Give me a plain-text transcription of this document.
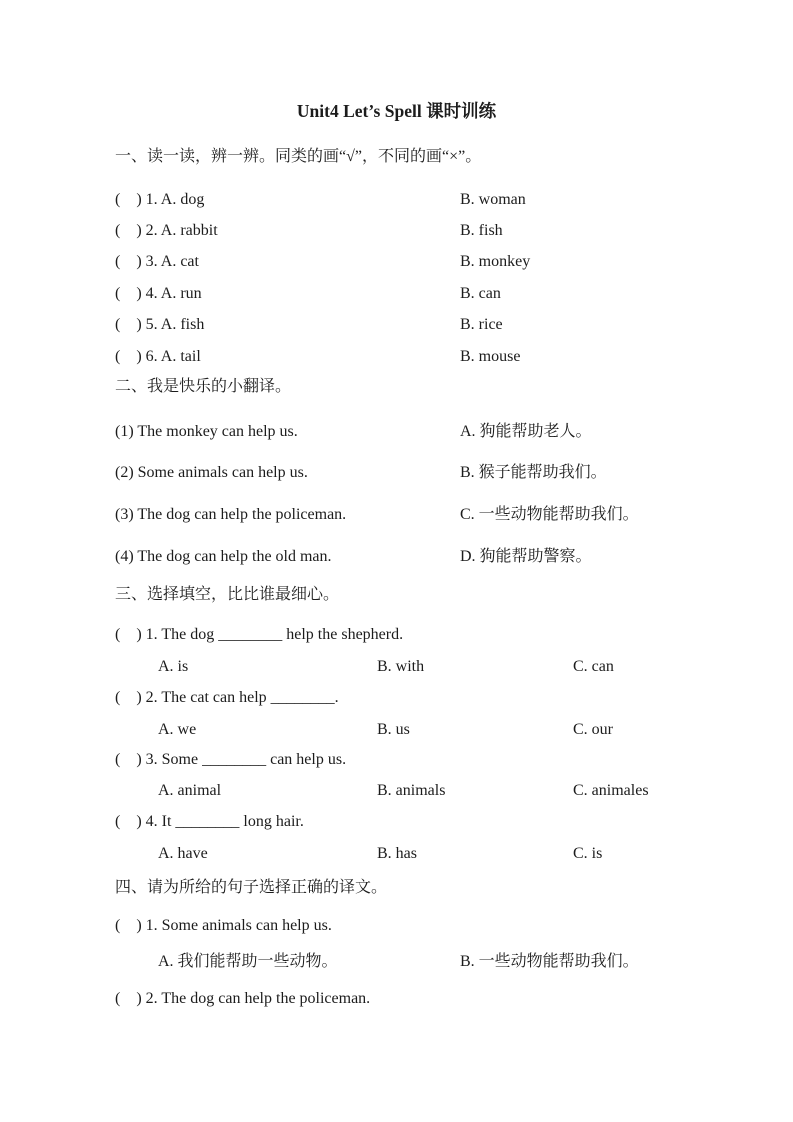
Unit4 Let’s Spell 课时训练
一、读一读，辨一辨。同类的画“√”，不同的画“×”。
(　) 1. A. dog	B. woman
(　) 2. A. rabbit	B. fish
(　) 3. A. cat	B. monkey
(　) 4. A. run	B. can
(　) 5. A. fish	B. rice
(　) 6. A. tail	B. mouse
二、我是快乐的小翻译。
(1) The monkey can help us.	A. 狗能帮助老人。
(2) Some animals can help us.	B. 猴子能帮助我们。
(3) The dog can help the policeman.	C. 一些动物能帮助我们。
(4) The dog can help the old man.	D. 狗能帮助警察。
三、选择填空，比比谁最细心。
(　) 1. The dog ________ help the shepherd.
A. is	B. with	C. can
(　) 2. The cat can help ________.
A. we	B. us	C. our
(　) 3. Some ________ can help us.
A. animal	B. animals	C. animales
(　) 4. It ________ long hair.
A. have	B. has	C. is
四、请为所给的句子选择正确的译文。
(　) 1. Some animals can help us.
A. 我们能帮助一些动物。	B. 一些动物能帮助我们。
(　) 2. The dog can help the policeman.
